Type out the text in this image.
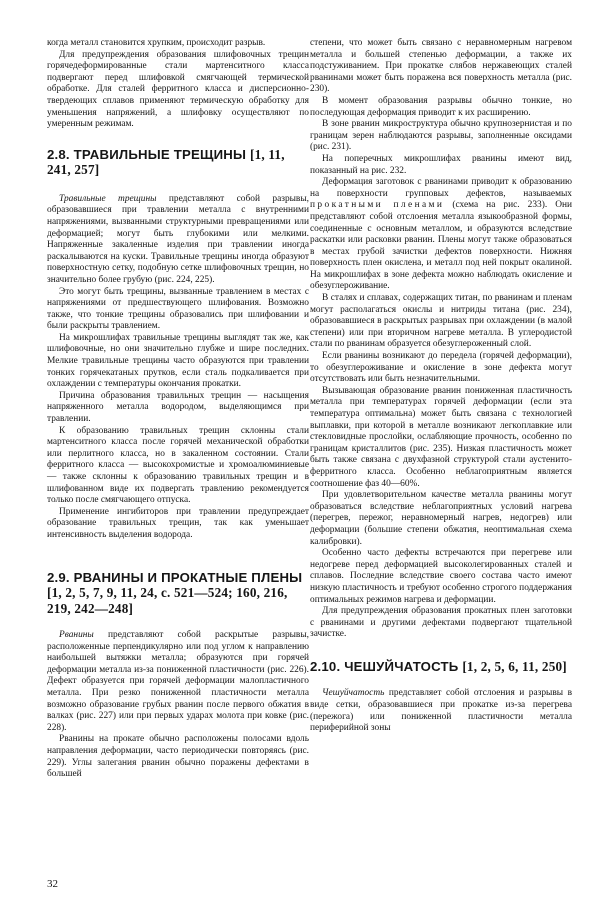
когда металл становится хрупким, происходит разрыв.

Для предупреждения образования шлифовочных трещин горячедеформированные стали мартенситного класса подвергают перед шлифовкой смягчающей термической обработке. Для сталей ферритного класса и дисперсионно-твердеющих сплавов применяют термическую обработку для уменьшения напряжений, а шлифовку осуществляют по умеренным режимам.

2.8. ТРАВИЛЬНЫЕ ТРЕЩИНЫ [1, 11, 241, 257]

Травильные трещины представляют собой разрывы, образовавшиеся при травлении металла с внутренними напряжениями, вызванными структурными превращениями или деформацией; могут быть глубокими или мелкими. Напряженные закаленные изделия при травлении иногда раскалываются на куски. Травильные трещины иногда образуют поверхностную сетку, подобную сетке шлифовочных трещин, но значительно более грубую (рис. 224, 225).

Это могут быть трещины, вызванные травлением в местах с напряжениями от предшествующего шлифования. Возможно также, что тонкие трещины образовались при шлифовании и были раскрыты травлением.

На микрошлифах травильные трещины выглядят так же, как шлифовочные, но они значительно глубже и шире последних. Мелкие травильные трещины часто образуются при травлении тонких горячекатаных прутков, если сталь подкаливается при охлаждении с температуры окончания прокатки.

Причина образования травильных трещин — насыщения напряженного металла водородом, выделяющимся при травлении.

К образованию травильных трещин склонны стали мартенситного класса после горячей механической обработки или перлитного класса, но в закаленном состоянии. Стали ферритного класса — высокохромистые и хромоалюминиевые — также склонны к образованию травильных трещин и в шлифованном виде их подвергать травлению рекомендуется только после смягчающего отпуска.

Применение ингибиторов при травлении предупреждает образование травильных трещин, так как уменьшает интенсивность выделения водорода.

2.9. РВАНИНЫ И ПРОКАТНЫЕ ПЛЕНЫ [1, 2, 5, 7, 9, 11, 24, с. 521—524; 160, 216, 219, 242—248]

Рванины представляют собой раскрытые разрывы, расположенные перпендикулярно или под углом к направлению наибольшей вытяжки металла; образуются при горячей деформации металла из-за пониженной пластичности (рис. 226). Дефект образуется при горячей деформации малопластичного металла. При резко пониженной пластичности металла возможно образование грубых рванин после первого обжатия в валках (рис. 227) или при первых ударах молота при ковке (рис. 228).

Рванины на прокате обычно расположены полосами вдоль направления деформации, часто периодически повторяясь (рис. 229). Углы залегания рванин обычно поражены дефектами в большей

степени, что может быть связано с неравномерным нагревом металла и большей степенью деформации, а также их подстуживанием. При прокатке слябов нержавеющих сталей рванинами может быть поражена вся поверхность металла (рис. 230).

В момент образования разрывы обычно тонкие, но последующая деформация приводит к их расширению.

В зоне рванин микроструктура обычно крупнозернистая и по границам зерен наблюдаются разрывы, заполненные оксидами (рис. 231).

На поперечных микрошлифах рванины имеют вид, показанный на рис. 232.

Деформация заготовок с рванинами приводит к образованию на поверхности групповых дефектов, называемых прокатными пленами (схема на рис. 233). Они представляют собой отслоения металла языкообразной формы, соединенные с основным металлом, и образуются вследствие раскатки или расковки рванин. Плены могут также образоваться в местах грубой зачистки дефектов поверхности. Нижняя поверхность плен окислена, и металл под ней покрыт окалиной. На микрошлифах в зоне дефекта можно наблюдать окисление и обезуглероживание.

В сталях и сплавах, содержащих титан, по рванинам и пленам могут располагаться окислы и нитриды титана (рис. 234), образовавшиеся в раскрытых разрывах при охлаждении (в малой степени) или при вторичном нагреве металла. В углеродистой стали по рванинам образуется обезуглероженный слой.

Если рванины возникают до передела (горячей деформации), то обезуглероживание и окисление в зоне дефекта могут отсутствовать или быть незначительными.

Вызывающая образование рванин пониженная пластичность металла при температурах горячей деформации (если эта температура оптимальна) может быть связана с технологией выплавки, при которой в металле возникают легкоплавкие или стекловидные прослойки, ослабляющие прочность, особенно по границам кристаллитов (рис. 235). Низкая пластичность может быть также связана с двухфазной структурой стали аустенито-ферритного класса. Особенно неблагоприятным является соотношение фаз 40—60%.

При удовлетворительном качестве металла рванины могут образоваться вследствие неблагоприятных условий нагрева (перегрев, пережог, неравномерный нагрев, недогрев) или деформации (большие степени обжатия, неоптимальная схема калибровки).

Особенно часто дефекты встречаются при перегреве или недогреве перед деформацией высоколегированных сталей и сплавов. Последние вследствие своего состава часто имеют низкую пластичность и требуют особенно строгого поддержания оптимальных режимов нагрева и деформации.

Для предупреждения образования прокатных плен заготовки с рванинами и другими дефектами подвергают тщательной зачистке.

2.10. ЧЕШУЙЧАТОСТЬ [1, 2, 5, 6, 11, 250]

Чешуйчатость представляет собой отслоения и разрывы в виде сетки, образовавшиеся при прокатке из-за перегрева (пережога) или пониженной пластичности металла периферийной зоны

32
